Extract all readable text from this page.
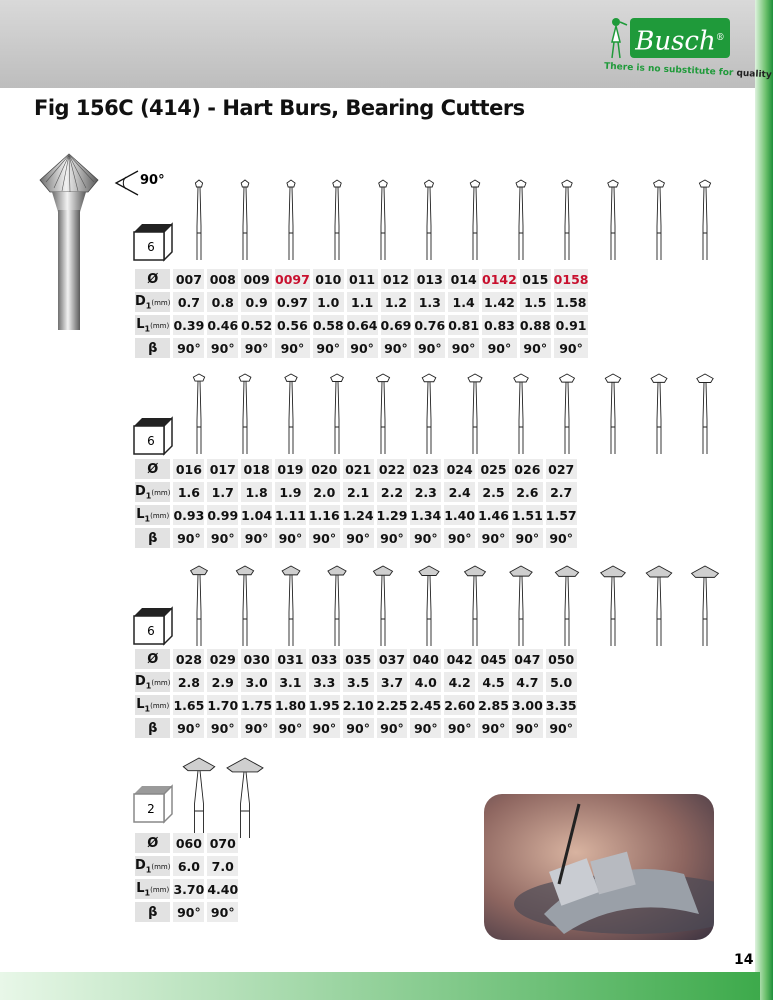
Busch®
There is no substitute for quality
Fig 156C (414) - Hart Burs, Bearing Cutters
90°
6
Ø	007	008	009	0097	010	011	012	013	014	0142	015	0158
$D_1(mm)$	0.7	0.8	0.9	0.97	1.0	1.1	1.2	1.3	1.4	1.42	1.5	1.58
$L_1(mm)$	0.39	0.46	0.52	0.56	0.58	0.64	0.69	0.76	0.81	0.83	0.88	0.91
β	90°	90°	90°	90°	90°	90°	90°	90°	90°	90°	90°	90°
6
Ø	016	017	018	019	020	021	022	023	024	025	026	027
$D_1(mm)$	1.6	1.7	1.8	1.9	2.0	2.1	2.2	2.3	2.4	2.5	2.6	2.7
$L_1(mm)$	0.93	0.99	1.04	1.11	1.16	1.24	1.29	1.34	1.40	1.46	1.51	1.57
β	90°	90°	90°	90°	90°	90°	90°	90°	90°	90°	90°	90°
6
Ø	028	029	030	031	033	035	037	040	042	045	047	050
$D_1(mm)$	2.8	2.9	3.0	3.1	3.3	3.5	3.7	4.0	4.2	4.5	4.7	5.0
$L_1(mm)$	1.65	1.70	1.75	1.80	1.95	2.10	2.25	2.45	2.60	2.85	3.00	3.35
β	90°	90°	90°	90°	90°	90°	90°	90°	90°	90°	90°	90°
2
Ø	060	070
$D_1(mm)$	6.0	7.0
$L_1(mm)$	3.70	4.40
β	90°	90°
14
